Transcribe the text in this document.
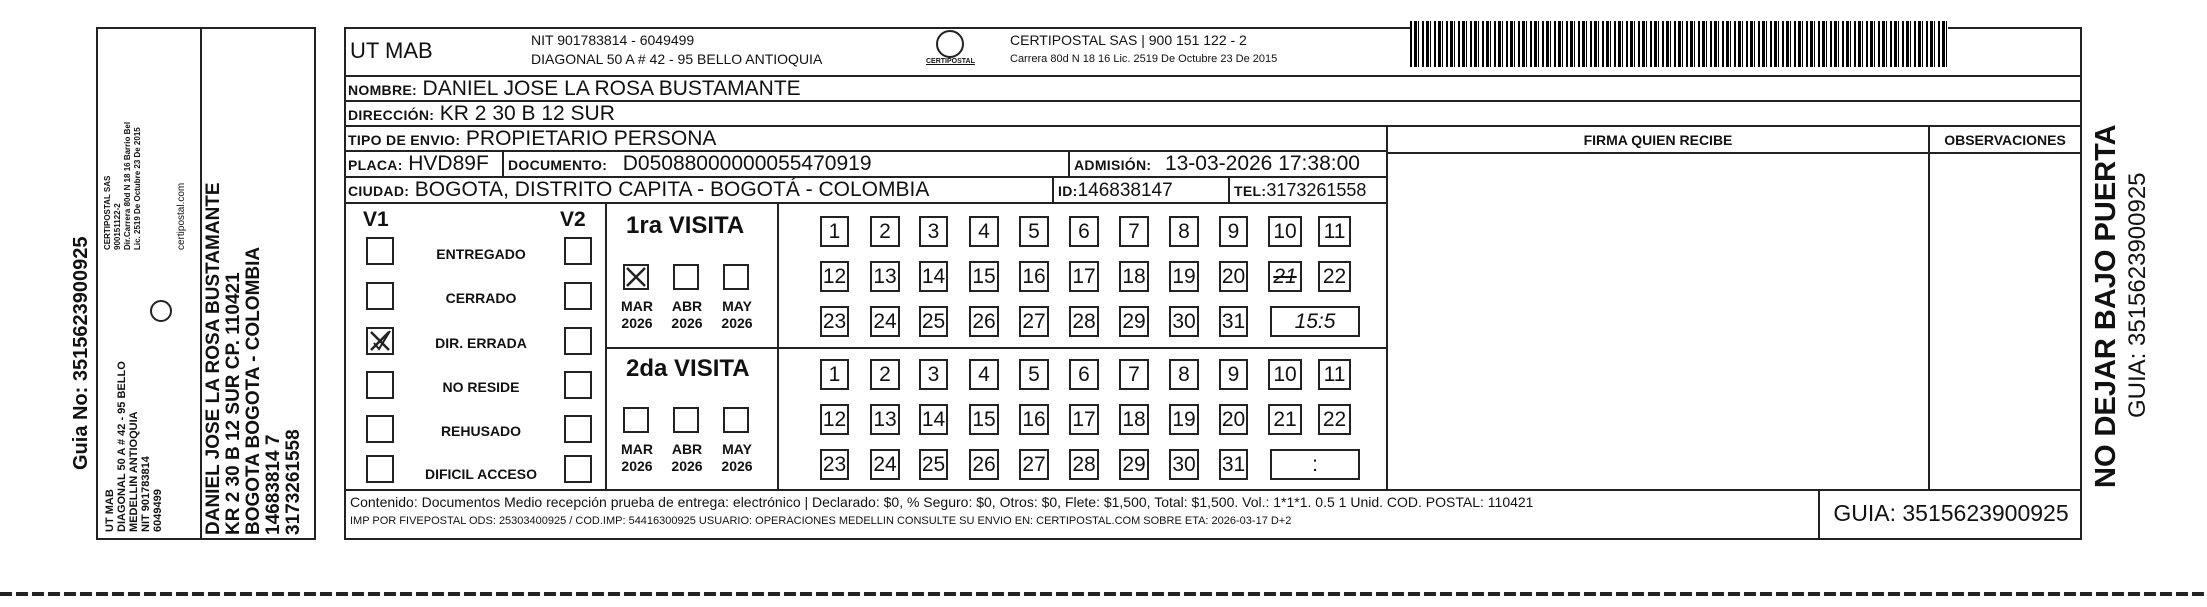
Guia No: 3515623900925
UT MAB DIAGONAL 50 A # 42 - 95 BELLO MEDELLIN ANTIOQUIA NIT 901783814 6049499
CERTIPOSTAL SAS 900151122-2 Dir.Carrera 80d N 18 16 Barrio Bel Lic. 2519 De Octubre 23 De 2015	certipostal.com DANIEL JOSE LA ROSA BUSTAMANTE KR 2 30 B 12 SUR CP. 110421 BOGOTA BOGOTA - COLOMBIA 14683814 7 3173261558
UT MAB	NIT 901783814 - 6049499
DIAGONAL 50 A # 42 - 95 BELLO ANTIOQUIA	CERTIPOSTAL
CERTIPOSTAL SAS | 900 151 122 - 2
Carrera 80d N 18 16 Lic. 2519 De Octubre 23 De 2015
NOMBRE: DANIEL JOSE LA ROSA BUSTAMANTE
DIRECCIÓN: KR 2 30 B 12 SUR
TIPO DE ENVIO: PROPIETARIO PERSONA
PLACA: HVD89F	DOCUMENTO: D05088000000055470919	ADMISIÓN: 13-03-2026 17:38:00
CIUDAD: BOGOTA, DISTRITO CAPITA - BOGOTÁ - COLOMBIA	ID:146838147	TEL:3173261558
FIRMA QUIEN RECIBE	OBSERVACIONES
V1	V2
ENTREGADO
CERRADO
DIR. ERRADA
NO RESIDE
REHUSADO
DIFICIL ACCESO
1ra VISITA
MAR
2026
ABR
2026
MAY
2026
1	2	3	4	5	6	7	8	9	10 11
12 13 14 15 16 17 18 19 20 21 22
23 24 25 26 27 28 29 30 31	15:5
2da VISITA
MAR
2026
ABR
2026
MAY
2026
1	2	3	4	5	6	7	8	9	10 11
12 13 14 15 16 17 18 19 20 21 22
23 24 25 26 27 28 29 30 31	:
Contenido: Documentos Medio recepción prueba de entrega: electrónico | Declarado: $0, % Seguro: $0, Otros: $0, Flete: $1,500, Total: $1,500. Vol.: 1*1*1. 0.5 1 Unid. COD. POSTAL: 110421
IMP POR FIVEPOSTAL ODS: 25303400925 / COD.IMP: 54416300925 USUARIO: OPERACIONES MEDELLIN CONSULTE SU ENVIO EN: CERTIPOSTAL.COM SOBRE ETA: 2026-03-17 D+2	GUIA: 3515623900925
NO DEJAR BAJO PUERTA GUIA: 3515623900925
